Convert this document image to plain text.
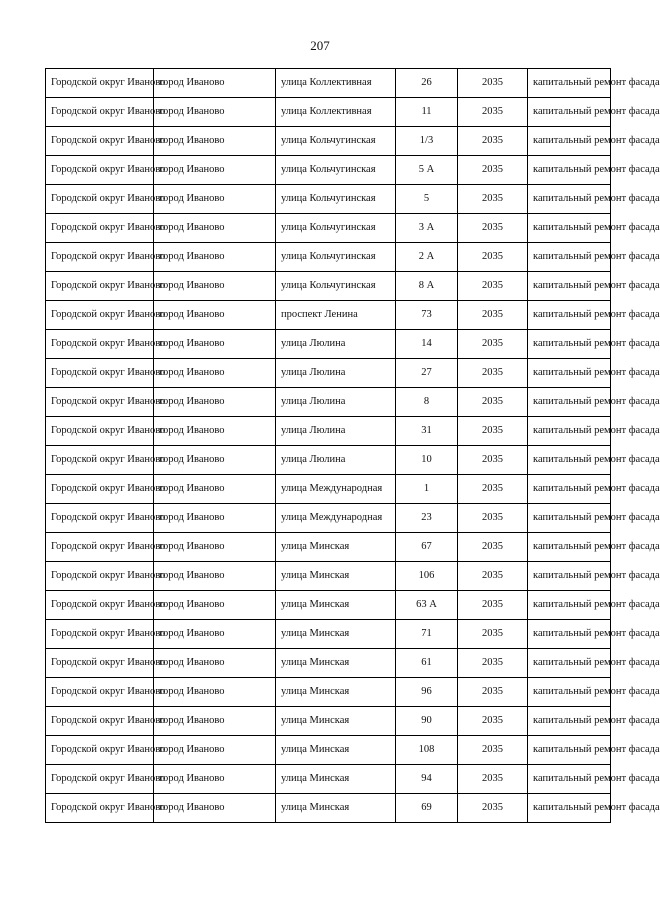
207
Городской округ Иваново	город Иваново	улица Коллективная	26	2035	капитальный ремонт фасада
Городской округ Иваново	город Иваново	улица Коллективная	11	2035	капитальный ремонт фасада
Городской округ Иваново	город Иваново	улица Кольчугинская	1/3	2035	капитальный ремонт фасада
Городской округ Иваново	город Иваново	улица Кольчугинская	5 А	2035	капитальный ремонт фасада
Городской округ Иваново	город Иваново	улица Кольчугинская	5	2035	капитальный ремонт фасада
Городской округ Иваново	город Иваново	улица Кольчугинская	3 А	2035	капитальный ремонт фасада
Городской округ Иваново	город Иваново	улица Кольчугинская	2 А	2035	капитальный ремонт фасада
Городской округ Иваново	город Иваново	улица Кольчугинская	8 А	2035	капитальный ремонт фасада
Городской округ Иваново	город Иваново	проспект Ленина	73	2035	капитальный ремонт фасада
Городской округ Иваново	город Иваново	улица Люлина	14	2035	капитальный ремонт фасада
Городской округ Иваново	город Иваново	улица Люлина	27	2035	капитальный ремонт фасада
Городской округ Иваново	город Иваново	улица Люлина	8	2035	капитальный ремонт фасада
Городской округ Иваново	город Иваново	улица Люлина	31	2035	капитальный ремонт фасада
Городской округ Иваново	город Иваново	улица Люлина	10	2035	капитальный ремонт фасада
Городской округ Иваново	город Иваново	улица Международная	1	2035	капитальный ремонт фасада
Городской округ Иваново	город Иваново	улица Международная	23	2035	капитальный ремонт фасада
Городской округ Иваново	город Иваново	улица Минская	67	2035	капитальный ремонт фасада
Городской округ Иваново	город Иваново	улица Минская	106	2035	капитальный ремонт фасада
Городской округ Иваново	город Иваново	улица Минская	63 А	2035	капитальный ремонт фасада
Городской округ Иваново	город Иваново	улица Минская	71	2035	капитальный ремонт фасада
Городской округ Иваново	город Иваново	улица Минская	61	2035	капитальный ремонт фасада
Городской округ Иваново	город Иваново	улица Минская	96	2035	капитальный ремонт фасада
Городской округ Иваново	город Иваново	улица Минская	90	2035	капитальный ремонт фасада
Городской округ Иваново	город Иваново	улица Минская	108	2035	капитальный ремонт фасада
Городской округ Иваново	город Иваново	улица Минская	94	2035	капитальный ремонт фасада
Городской округ Иваново	город Иваново	улица Минская	69	2035	капитальный ремонт фасада
